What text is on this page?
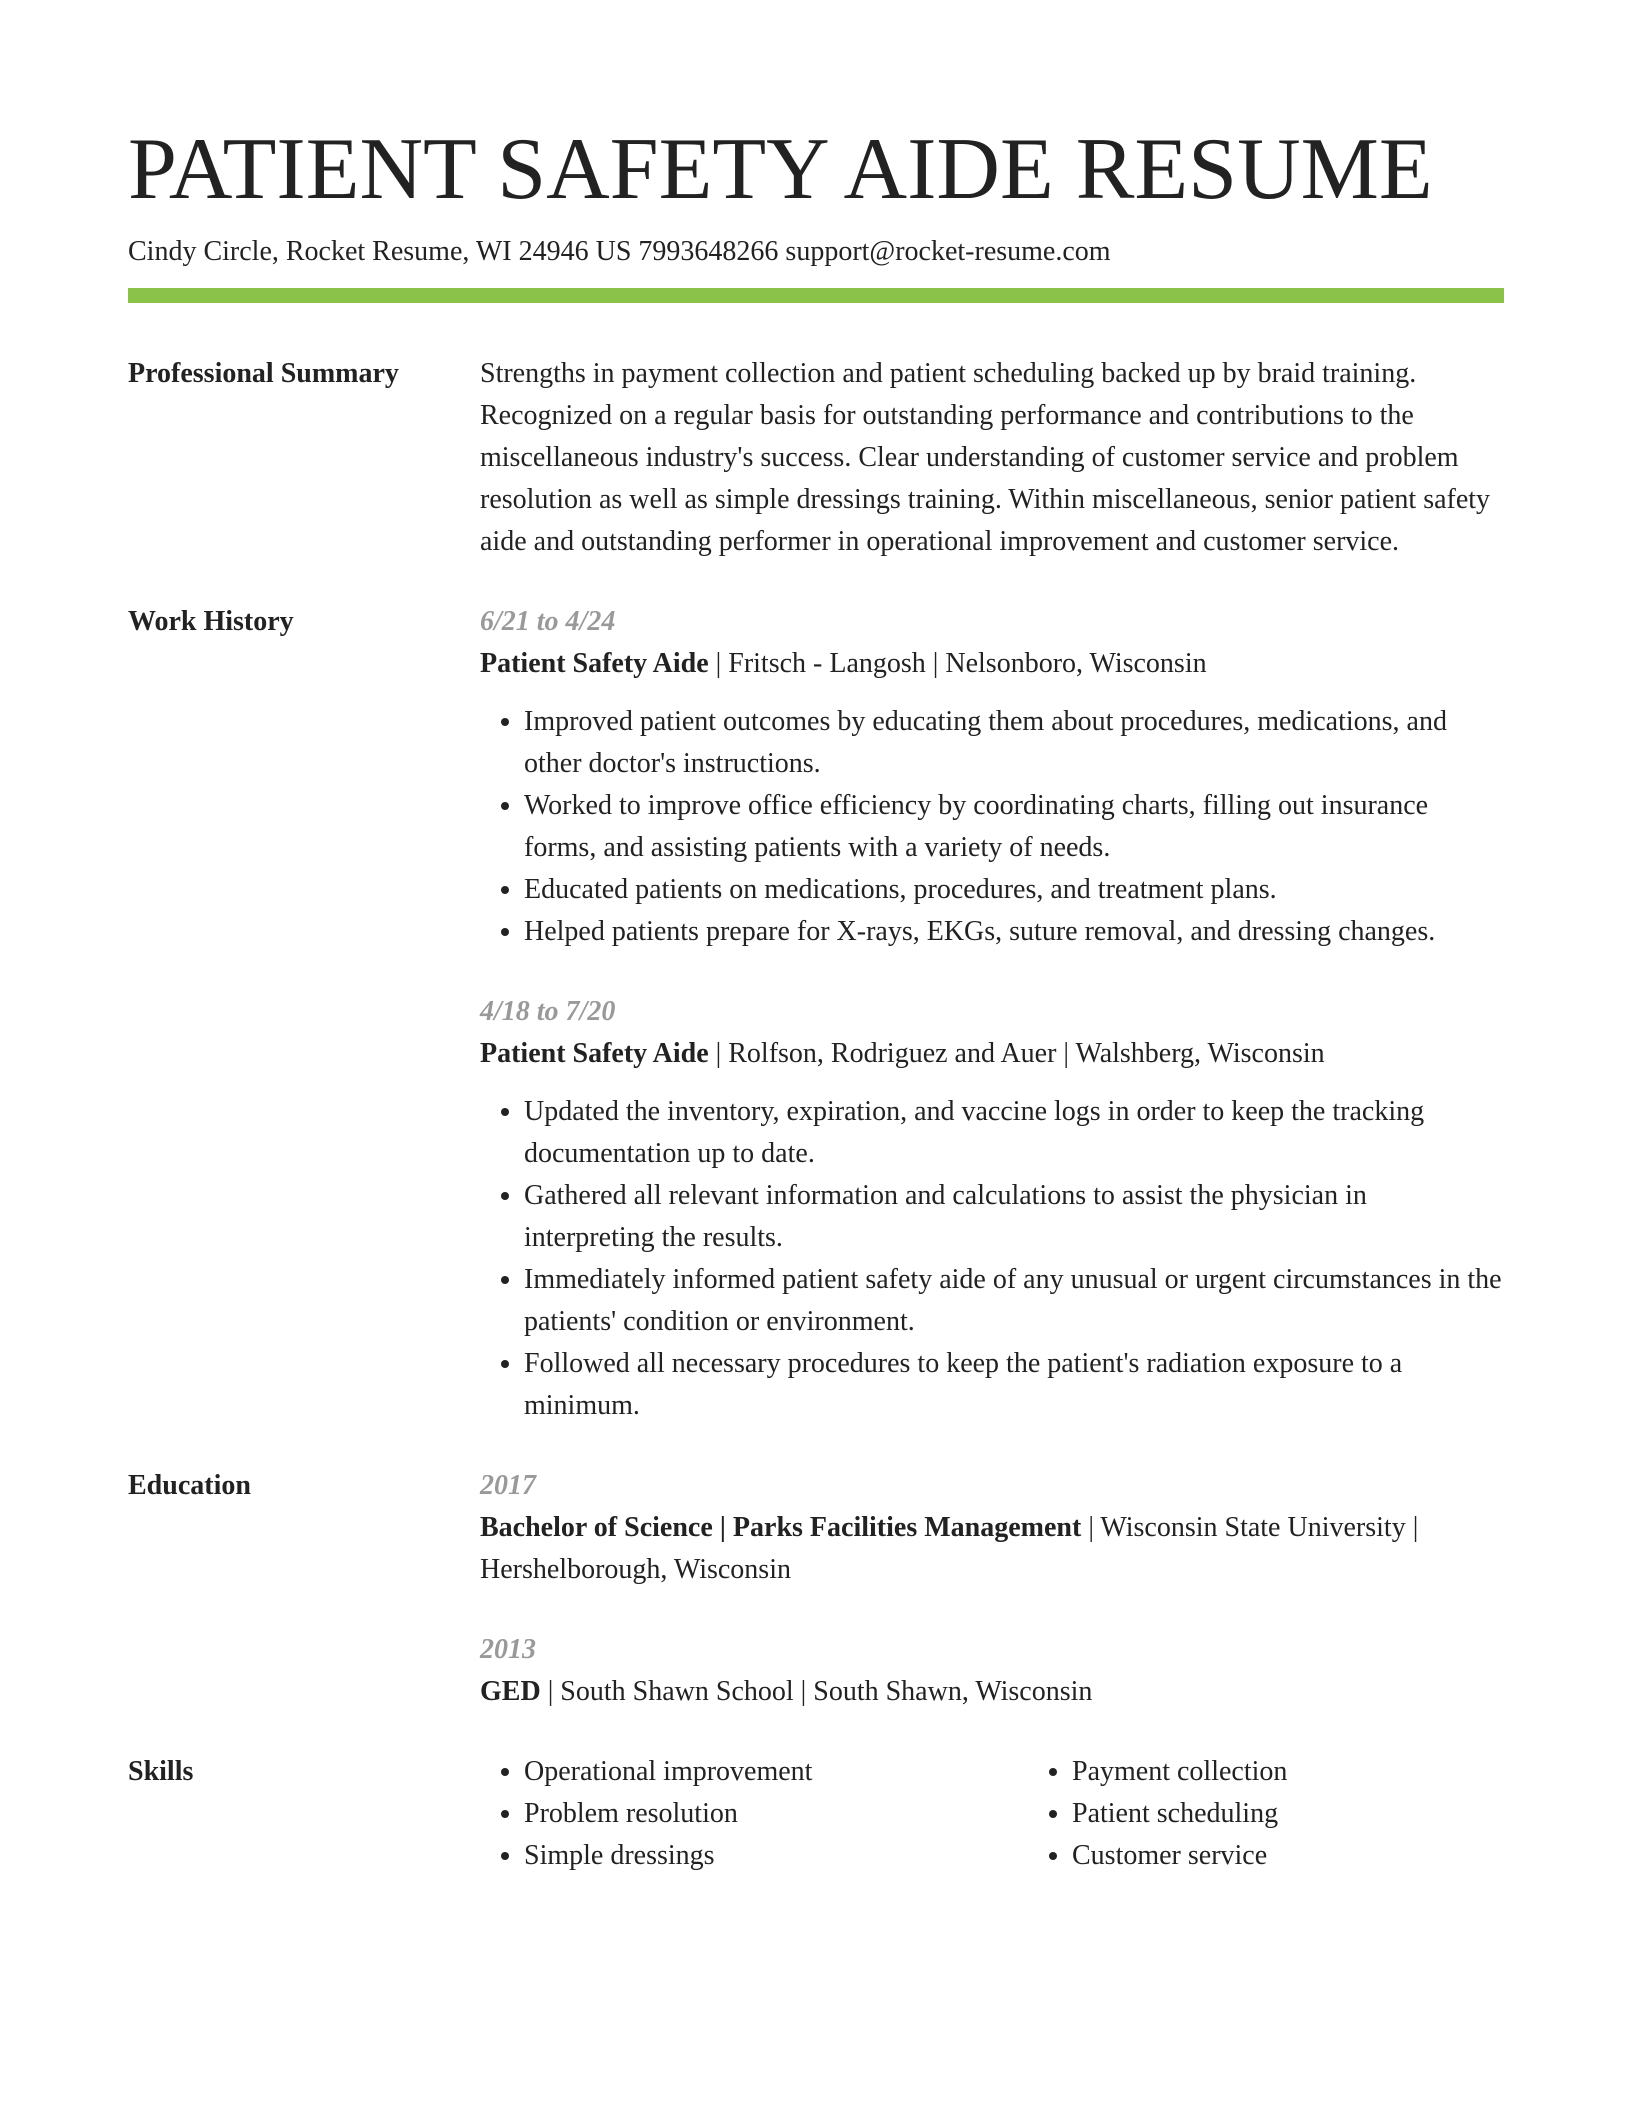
PATIENT SAFETY AIDE RESUME
Cindy Circle, Rocket Resume, WI 24946 US 7993648266 support@rocket-resume.com
Professional Summary	Strengths in payment collection and patient scheduling backed up by braid training. Recognized on a regular basis for outstanding performance and contributions to the miscellaneous industry's success. Clear understanding of customer service and problem resolution as well as simple dressings training. Within miscellaneous, senior patient safety aide and outstanding performer in operational improvement and customer service.
Work History	6/21 to 4/24
Patient Safety Aide | Fritsch - Langosh | Nelsonboro, Wisconsin
• Improved patient outcomes by educating them about procedures, medications, and other doctor's instructions.
• Worked to improve office efficiency by coordinating charts, filling out insurance forms, and assisting patients with a variety of needs.
• Educated patients on medications, procedures, and treatment plans.
• Helped patients prepare for X-rays, EKGs, suture removal, and dressing changes.
4/18 to 7/20
Patient Safety Aide | Rolfson, Rodriguez and Auer | Walshberg, Wisconsin
• Updated the inventory, expiration, and vaccine logs in order to keep the tracking documentation up to date.
• Gathered all relevant information and calculations to assist the physician in interpreting the results.
• Immediately informed patient safety aide of any unusual or urgent circumstances in the patients' condition or environment.
• Followed all necessary procedures to keep the patient's radiation exposure to a minimum.
Education	2017
Bachelor of Science | Parks Facilities Management | Wisconsin State University | Hershelborough, Wisconsin
2013
GED | South Shawn School | South Shawn, Wisconsin
Skills
•	Operational improvement
• Problem resolution
• Simple dressings
• Payment collection
• Patient scheduling
• Customer service
